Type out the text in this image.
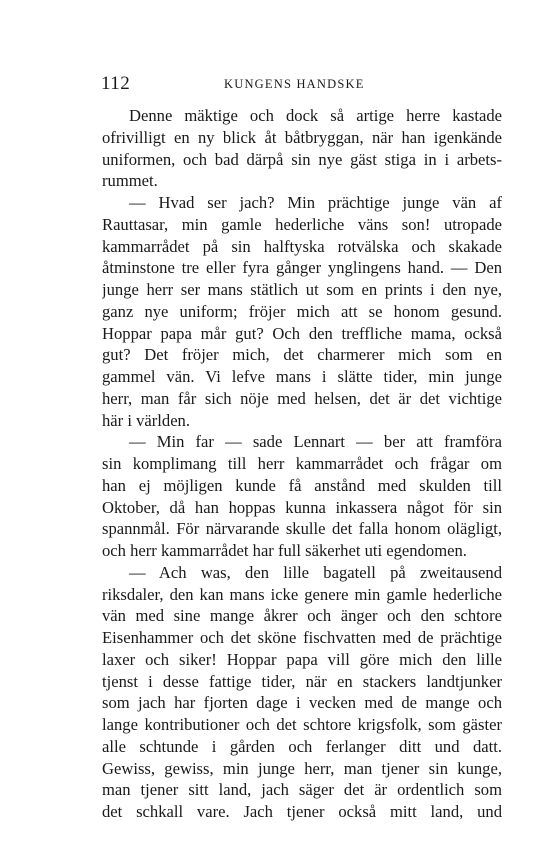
112	KUNGENS HANDSKE
Denne mäktige och dock så artige herre kastade
ofrivilligt en ny blick åt båtbryggan, när han igenkände
uniformen, och bad därpå sin nye gäst stiga in i arbets-
rummet.
— Hvad ser jach? Min prächtige junge vän af
Rauttasar, min gamle hederliche väns son! utropade
kammarrådet på sin halftyska rotvälska och skakade
åtminstone tre eller fyra gånger ynglingens hand. — Den
junge herr ser mans stätlich ut som en prints i den nye,
ganz nye uniform; fröjer mich att se honom gesund.
Hoppar papa mår gut? Och den treffliche mama, också
gut? Det fröjer mich, det charmerer mich som en
gammel vän. Vi lefve mans i slätte tider, min junge
herr, man får sich nöje med helsen, det är det vichtige
här i världen.
— Min far — sade Lennart — ber att framföra
sin komplimang till herr kammarrådet och frågar om
han ej möjligen kunde få anstånd med skulden till
Oktober, då han hoppas kunna inkassera något för sin
spannmål. För närvarande skulle det falla honom oläglig̨t,
och herr kammarrådet har full säkerhet uti egendomen.
— Ach was, den lille bagatell på zweitausend
riksdaler, den kan mans icke genere min gamle hederliche
vän med sine mange åkrer och änger och den schtore
Eisenhammer och det sköne fischvatten med de prächtige
laxer och siker! Hoppar papa vill göre mich den lille
tjenst i desse fattige tider, när en stackers landtjunker
som jach har fjorten dage i vecken med de mange och
lange kontributioner och det schtore krigsfolk, som gäster
alle schtunde i gården och ferlanger ditt und datt.
Gewiss, gewiss, min junge herr, man tjener sin kunge,
man tjener sitt land, jach säger det är ordentlich som
det schkall vare. Jach tjener också mitt land, und
